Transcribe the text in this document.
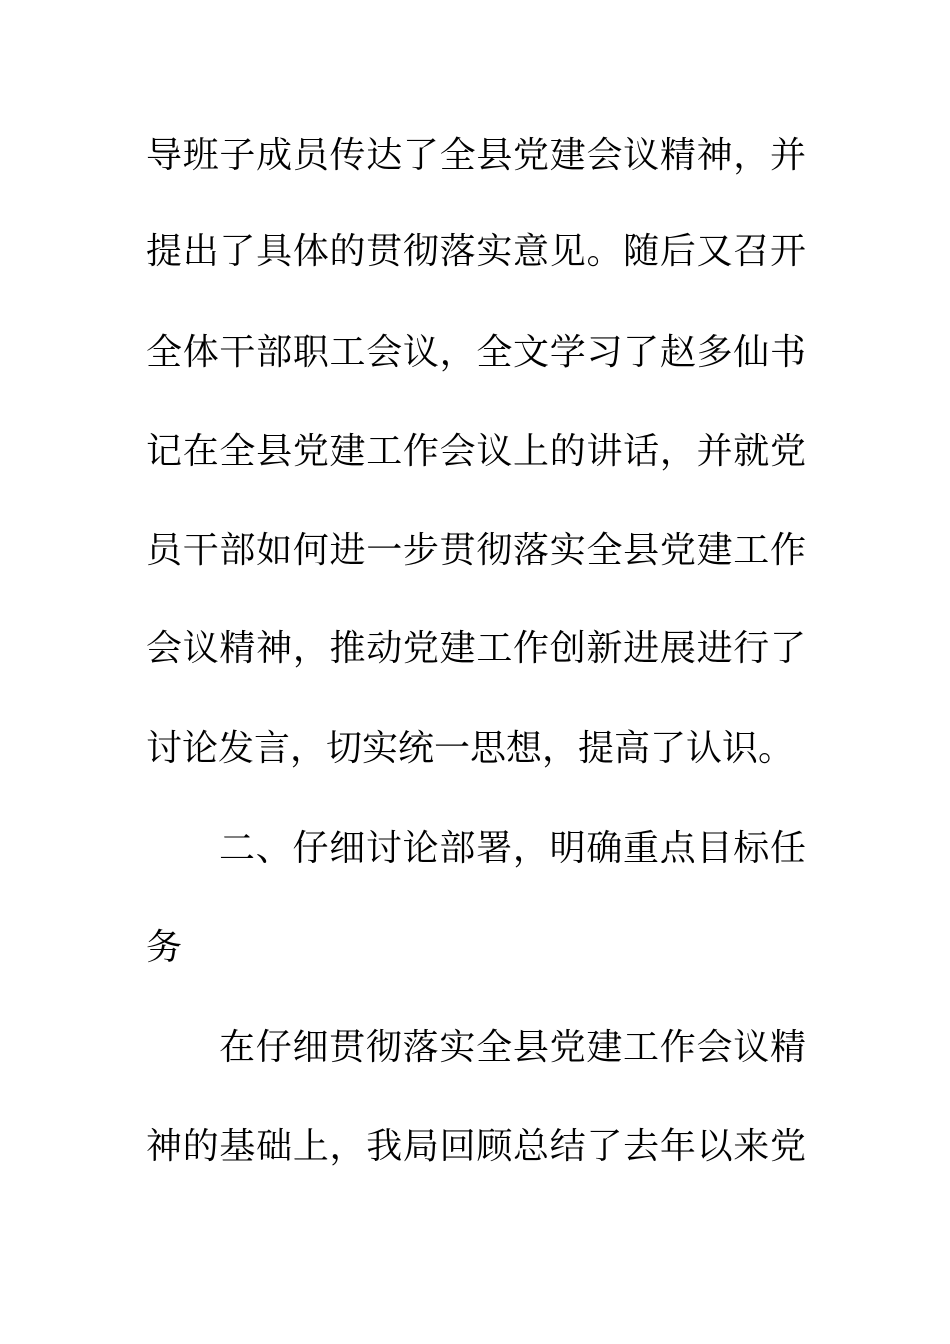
导班子成员传达了全县党建会议精神，并
提出了具体的贯彻落实意见。随后又召开
全体干部职工会议，全文学习了赵多仙书
记在全县党建工作会议上的讲话，并就党
员干部如何进一步贯彻落实全县党建工作
会议精神，推动党建工作创新进展进行了
讨论发言，切实统一思想，提高了认识。
二、仔细讨论部署，明确重点目标任
务
在仔细贯彻落实全县党建工作会议精
神的基础上，我局回顾总结了去年以来党
